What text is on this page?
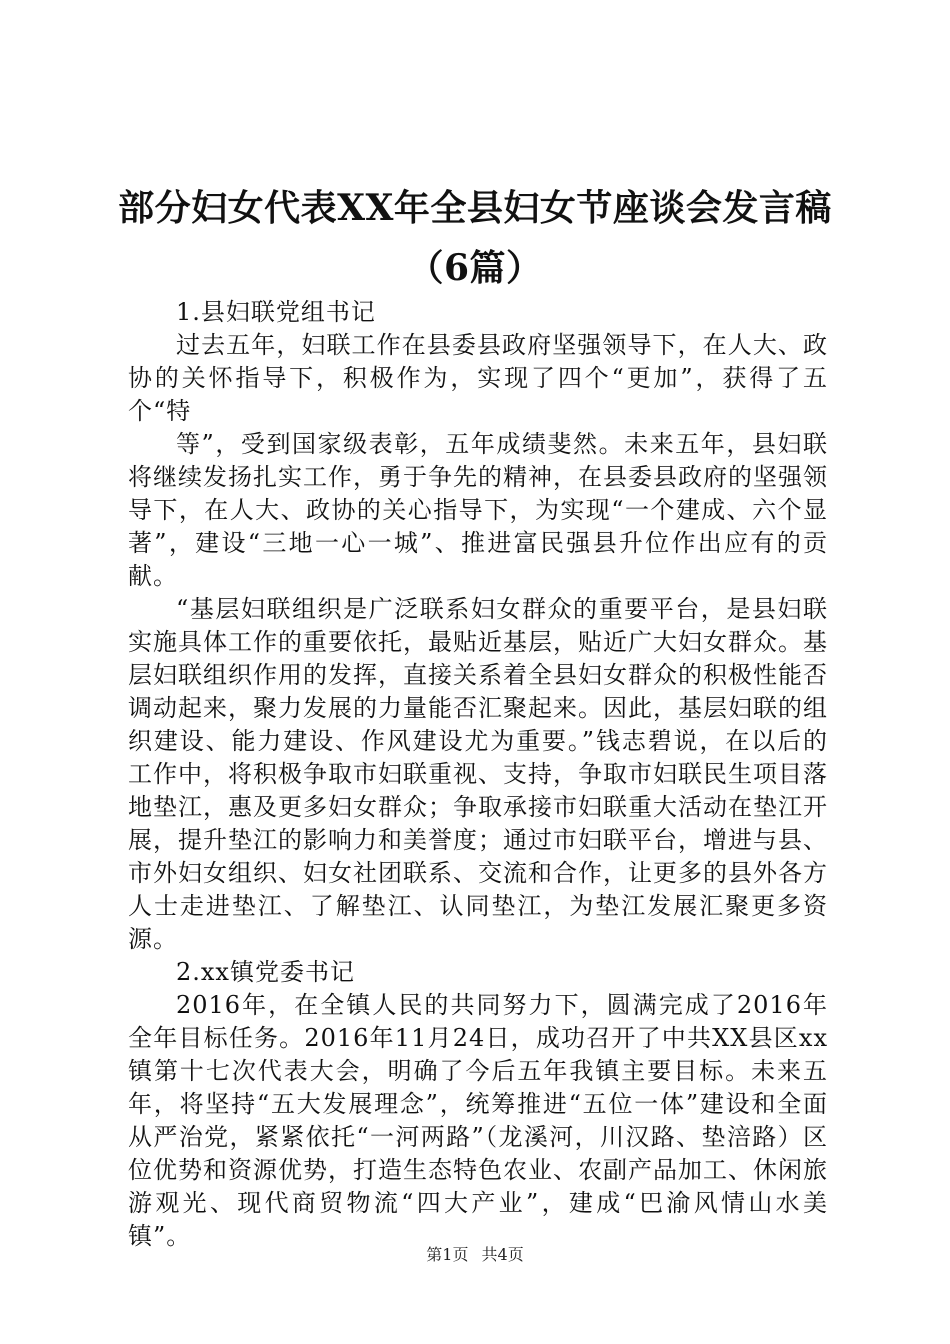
部分妇女代表XX年全县妇女节座谈会发言稿
（6篇）

1.县妇联党组书记

过去五年，妇联工作在县委县政府坚强领导下，在人大、政协的关怀指导下，积极作为，实现了四个“更加”，获得了五个“特

等”，受到国家级表彰，五年成绩斐然。未来五年，县妇联将继续发扬扎实工作，勇于争先的精神，在县委县政府的坚强领导下，在人大、政协的关心指导下，为实现“一个建成、六个显著”，建设“三地一心一城”、推进富民强县升位作出应有的贡献。

“基层妇联组织是广泛联系妇女群众的重要平台，是县妇联实施具体工作的重要依托，最贴近基层，贴近广大妇女群众。基层妇联组织作用的发挥，直接关系着全县妇女群众的积极性能否调动起来，聚力发展的力量能否汇聚起来。因此，基层妇联的组织建设、能力建设、作风建设尤为重要。”钱志碧说，在以后的工作中，将积极争取市妇联重视、支持，争取市妇联民生项目落地垫江，惠及更多妇女群众；争取承接市妇联重大活动在垫江开展，提升垫江的影响力和美誉度；通过市妇联平台，增进与县、市外妇女组织、妇女社团联系、交流和合作，让更多的县外各方人士走进垫江、了解垫江、认同垫江，为垫江发展汇聚更多资源。

2.xx镇党委书记

2016年，在全镇人民的共同努力下，圆满完成了2016年全年目标任务。2016年11月24日，成功召开了中共XX县区xx镇第十七次代表大会，明确了今后五年我镇主要目标。未来五年，将坚持“五大发展理念”，统筹推进“五位一体”建设和全面从严治党，紧紧依托“一河两路”（龙溪河，川汉路、垫涪路）区位优势和资源优势，打造生态特色农业、农副产品加工、休闲旅游观光、现代商贸物流“四大产业”，建成“巴渝风情山水美镇”。

第1页 共4页
